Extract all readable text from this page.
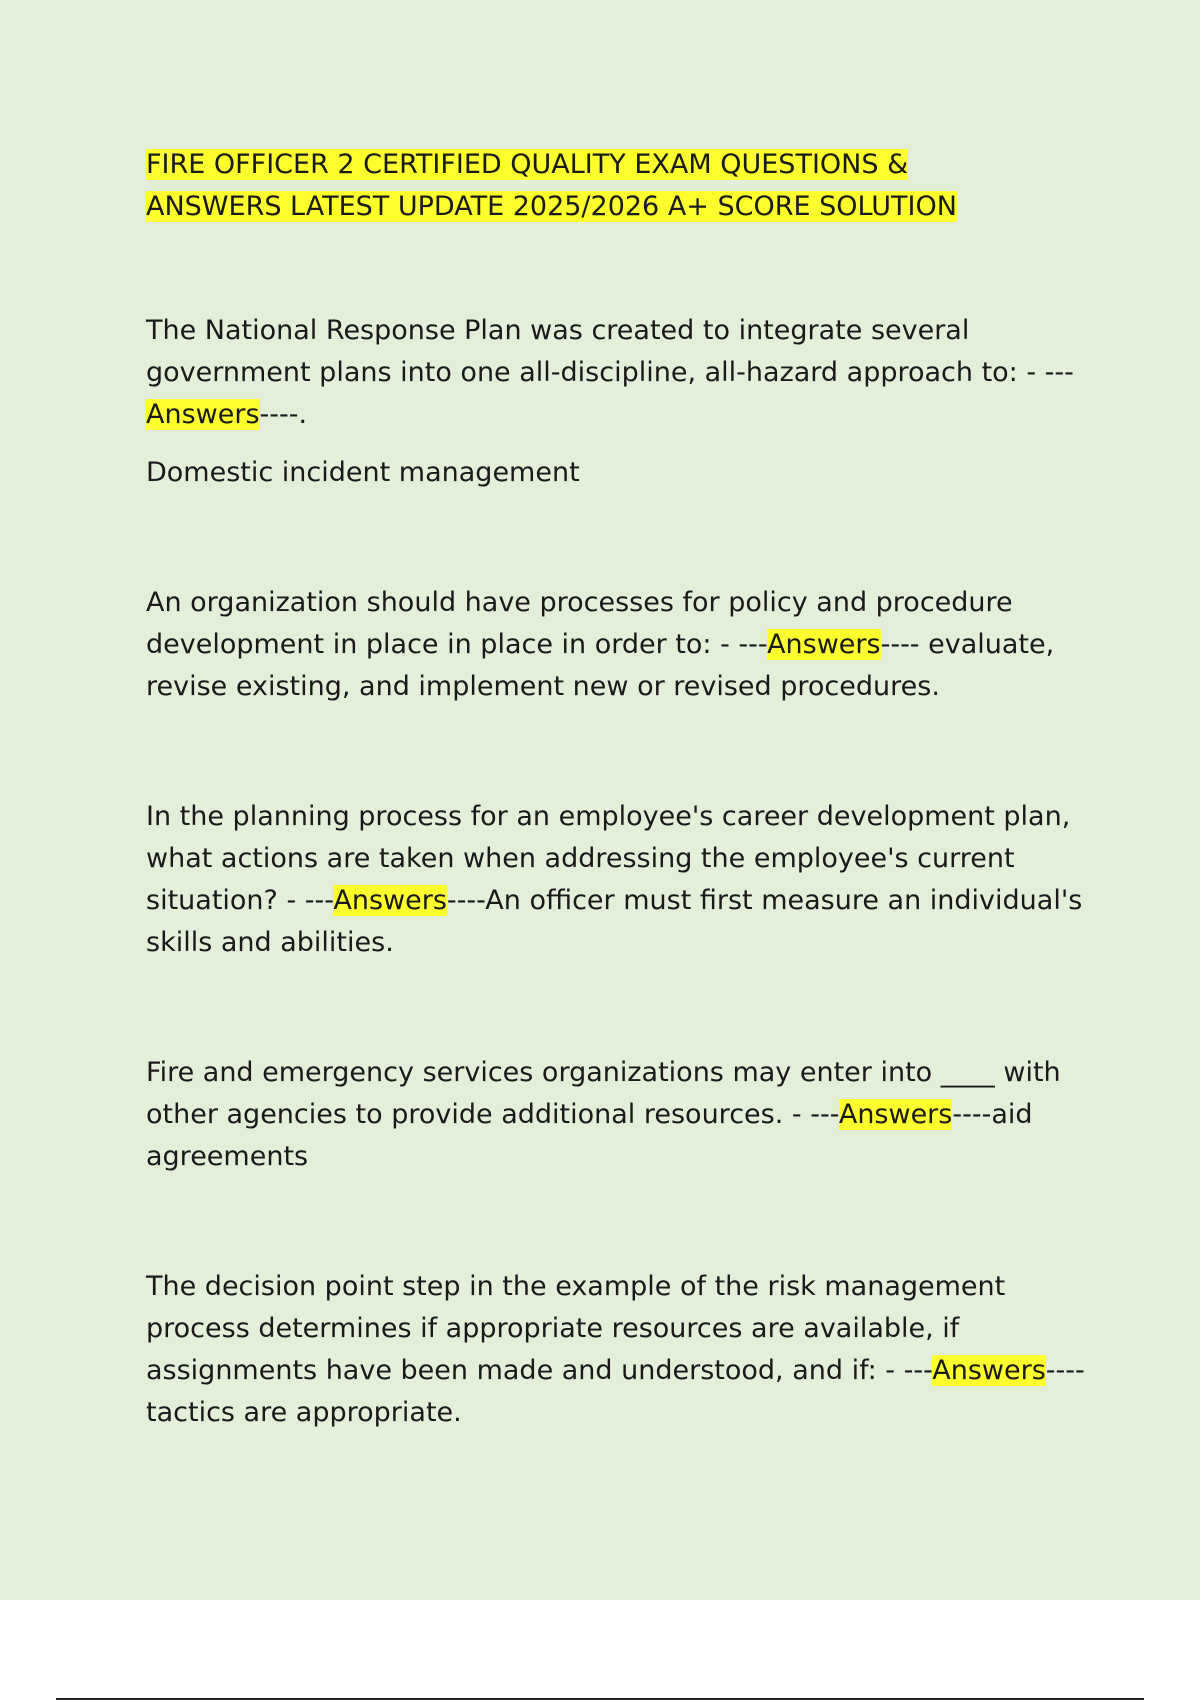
FIRE OFFICER 2 CERTIFIED QUALITY EXAM QUESTIONS &
ANSWERS LATEST UPDATE 2025/2026 A+ SCORE SOLUTION

The National Response Plan was created to integrate several government plans into one all-discipline, all-hazard approach to: - ---Answers----.

Domestic incident management

An organization should have processes for policy and procedure development in place in place in order to: - ---Answers---- evaluate, revise existing, and implement new or revised procedures.

In the planning process for an employee's career development plan, what actions are taken when addressing the employee's current situation? - ---Answers----An officer must first measure an individual's skills and abilities.

Fire and emergency services organizations may enter into ____ with other agencies to provide additional resources. - ---Answers----aid agreements

The decision point step in the example of the risk management process determines if appropriate resources are available, if assignments have been made and understood, and if: - ---Answers----tactics are appropriate.
